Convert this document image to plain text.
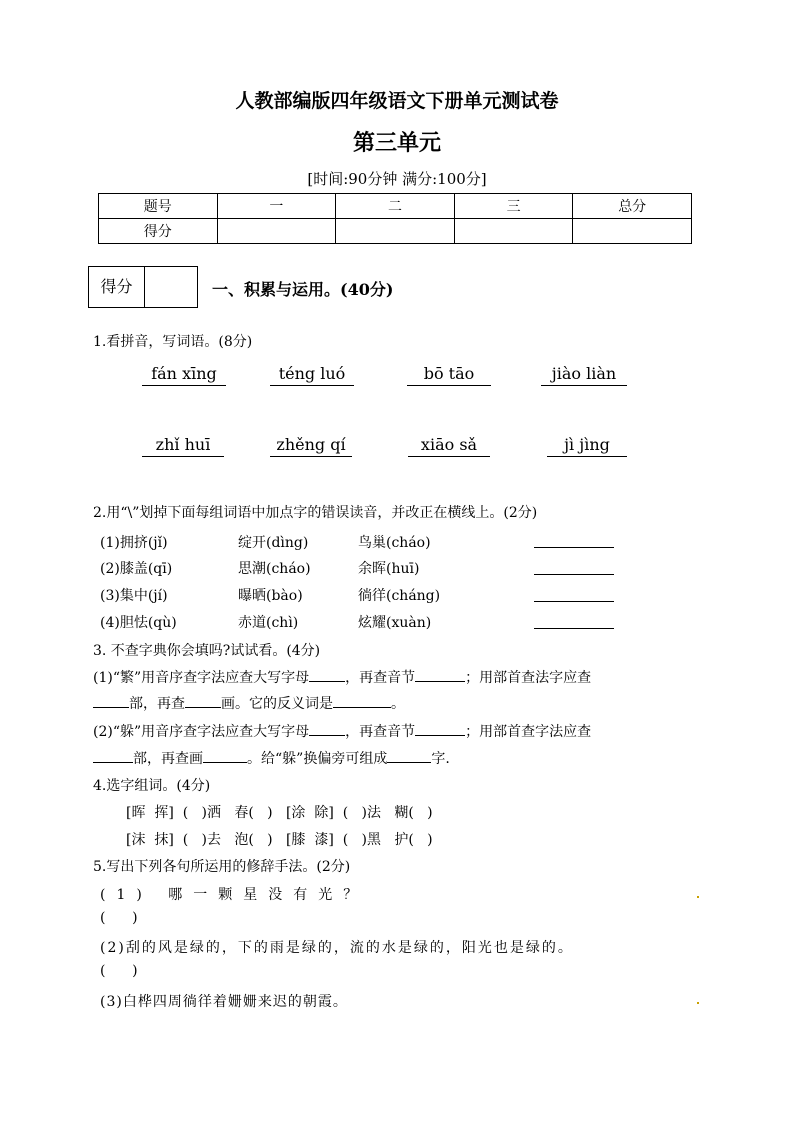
人教部编版四年级语文下册单元测试卷
第三单元
[时间:90分钟 满分:100分]
题号	一	二	三	总分
得分				
得分	一、积累与运用。(40分)
1.看拼音，写词语。(8分)
fán xīng	téng luó	bō tāo	jiào liàn
zhǐ huī	zhěng qí	xiāo sǎ	jì jìng
2.用“\”划掉下面每组词语中加点字的错误读音，并改正在横线上。(2分)
(1)拥挤(jǐ)	绽开(dìng)	鸟巢(cháo)
(2)膝盖(qī)	思潮(cháo)	余晖(huī)
(3)集中(jí)	曝晒(bào)	徜徉(cháng)
(4)胆怯(qù)	赤道(chì)	炫耀(xuàn)
3. 不查字典你会填吗?试试看。(4分)
(1)“繁”用音序查字法应查大写字母	，再查音节	；用部首查法字应查
部，再查	画。它的反义词是	。
(2)“躲”用音序查字法应查大写字母	，再查音节	；用部首查字法应查
部，再查画	。给“躲”换偏旁可组成	字.
4.选字组词。(4分)
[晖  挥]  (   )洒   春(   )   [涂  除]  (   )法   糊(   )
[沫  抹]  (   )去   泡(   )   [膝  漆]  (   )黑   护(   )
5.写出下列各句所运用的修辞手法。(2分)
(1) 哪一颗星没有光？
(      )
(2)刮的风是绿的，下的雨是绿的，流的水是绿的，阳光也是绿的。
(      )
(3)白桦四周徜徉着姗姗来迟的朝霞。
